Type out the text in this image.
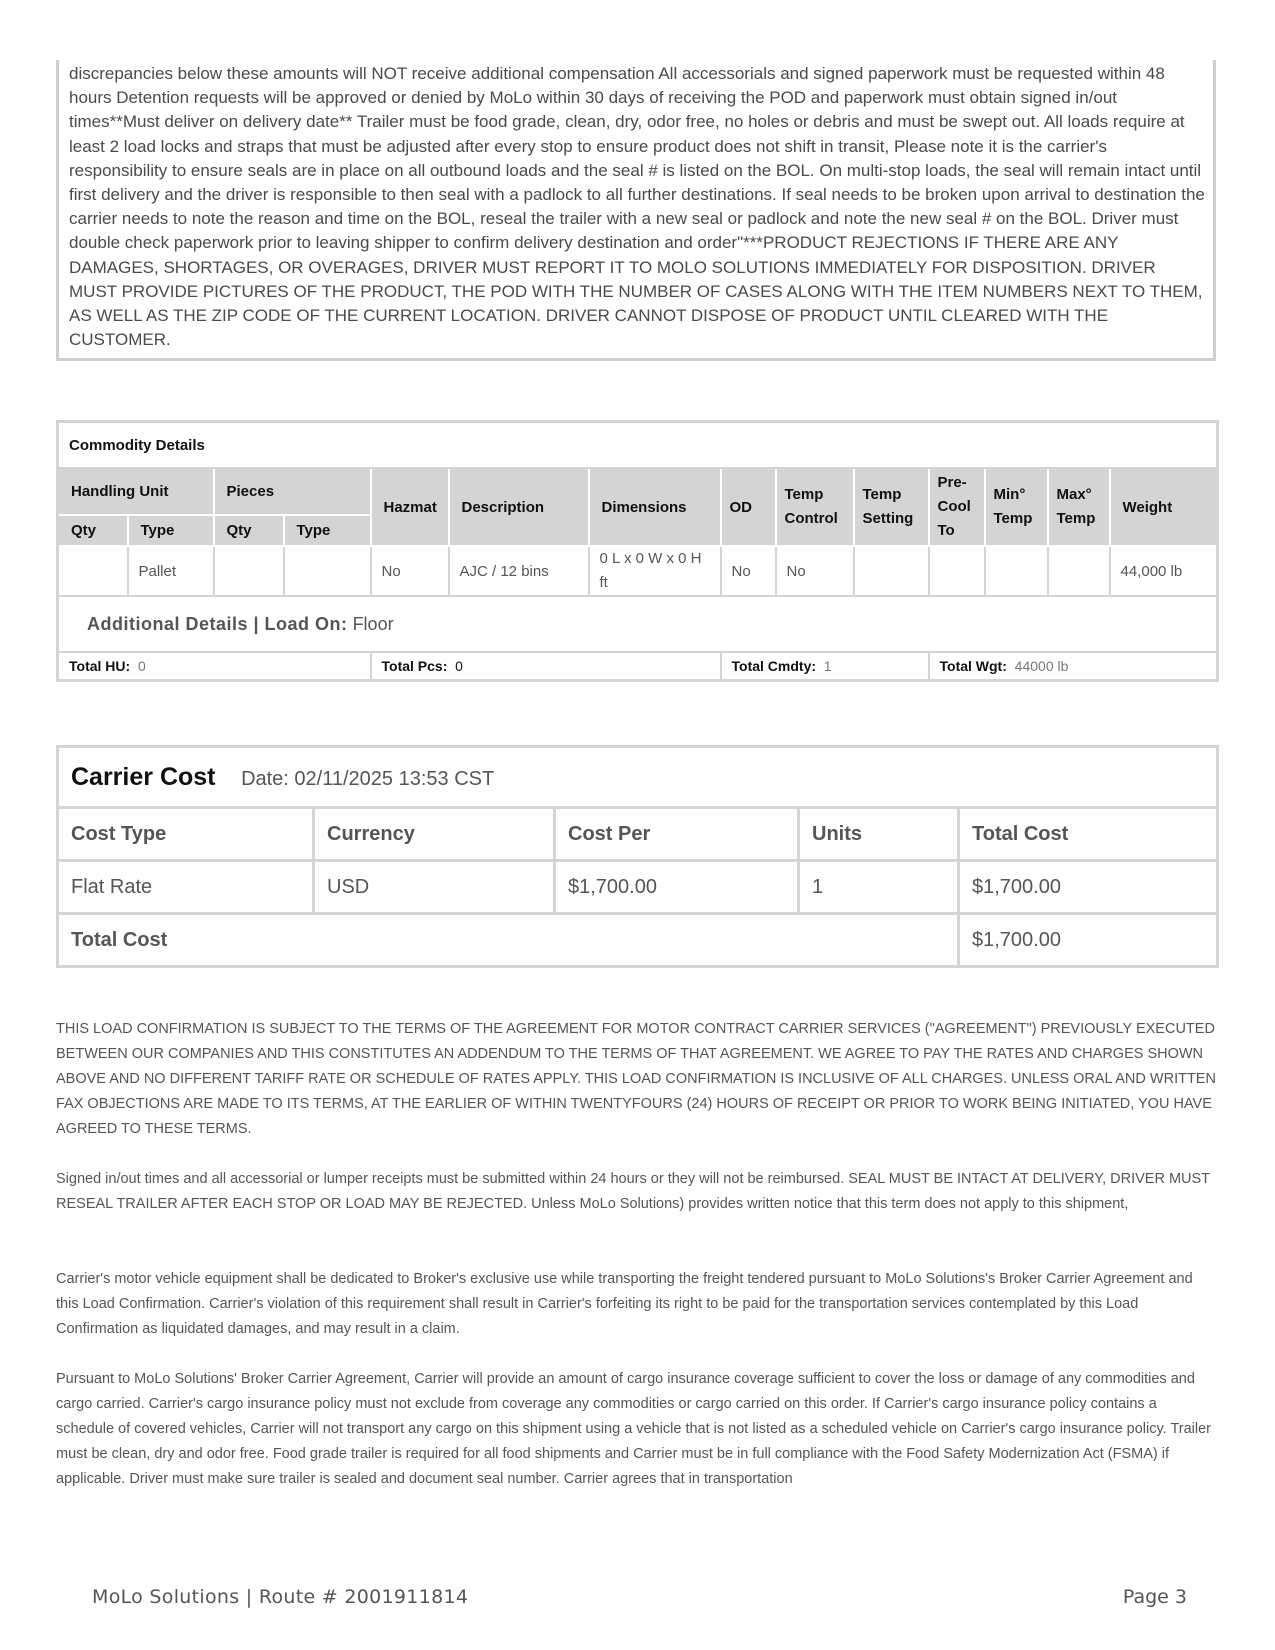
discrepancies below these amounts will NOT receive additional compensation All accessorials and signed paperwork must be requested within 48 hours Detention requests will be approved or denied by MoLo within 30 days of receiving the POD and paperwork must obtain signed in/out times**Must deliver on delivery date** Trailer must be food grade, clean, dry, odor free, no holes or debris and must be swept out. All loads require at least 2 load locks and straps that must be adjusted after every stop to ensure product does not shift in transit, Please note it is the carrier's responsibility to ensure seals are in place on all outbound loads and the seal # is listed on the BOL. On multi-stop loads, the seal will remain intact until first delivery and the driver is responsible to then seal with a padlock to all further destinations. If seal needs to be broken upon arrival to destination the carrier needs to note the reason and time on the BOL, reseal the trailer with a new seal or padlock and note the new seal # on the BOL. Driver must double check paperwork prior to leaving shipper to confirm delivery destination and order"***PRODUCT REJECTIONS IF THERE ARE ANY DAMAGES, SHORTAGES, OR OVERAGES, DRIVER MUST REPORT IT TO MOLO SOLUTIONS IMMEDIATELY FOR DISPOSITION. DRIVER MUST PROVIDE PICTURES OF THE PRODUCT, THE POD WITH THE NUMBER OF CASES ALONG WITH THE ITEM NUMBERS NEXT TO THEM, AS WELL AS THE ZIP CODE OF THE CURRENT LOCATION. DRIVER CANNOT DISPOSE OF PRODUCT UNTIL CLEARED WITH THE CUSTOMER.
Commodity Details													
Handling Unit		Pieces		Hazmat	Description	Dimensions	OD	Temp Control	Temp Setting	Pre-Cool To	Min° Temp	Max° Temp	Weight
Qty	Type	Qty	Type										
	Pallet			No	AJC / 12 bins	0 L x 0 W x 0 H ft	No	No					44,000 lb
Additional Details | Load On: Floor													
Total HU: 0				Total Pcs: 0			Total Cmdty: 1			Total Wgt: 44000 lb			
Carrier Cost Date: 02/11/2025 13:53 CST				
Cost Type	Currency	Cost Per	Units	Total Cost
Flat Rate	USD	$1,700.00	1	$1,700.00
Total Cost				$1,700.00
THIS LOAD CONFIRMATION IS SUBJECT TO THE TERMS OF THE AGREEMENT FOR MOTOR CONTRACT CARRIER SERVICES ("AGREEMENT") PREVIOUSLY EXECUTED BETWEEN OUR COMPANIES AND THIS CONSTITUTES AN ADDENDUM TO THE TERMS OF THAT AGREEMENT. WE AGREE TO PAY THE RATES AND CHARGES SHOWN ABOVE AND NO DIFFERENT TARIFF RATE OR SCHEDULE OF RATES APPLY. THIS LOAD CONFIRMATION IS INCLUSIVE OF ALL CHARGES. UNLESS ORAL AND WRITTEN FAX OBJECTIONS ARE MADE TO ITS TERMS, AT THE EARLIER OF WITHIN TWENTYFOURS (24) HOURS OF RECEIPT OR PRIOR TO WORK BEING INITIATED, YOU HAVE AGREED TO THESE TERMS.
Signed in/out times and all accessorial or lumper receipts must be submitted within 24 hours or they will not be reimbursed. SEAL MUST BE INTACT AT DELIVERY, DRIVER MUST RESEAL TRAILER AFTER EACH STOP OR LOAD MAY BE REJECTED. Unless MoLo Solutions) provides written notice that this term does not apply to this shipment,
Carrier's motor vehicle equipment shall be dedicated to Broker's exclusive use while transporting the freight tendered pursuant to MoLo Solutions's Broker Carrier Agreement and this Load Confirmation. Carrier's violation of this requirement shall result in Carrier's forfeiting its right to be paid for the transportation services contemplated by this Load Confirmation as liquidated damages, and may result in a claim.
Pursuant to MoLo Solutions' Broker Carrier Agreement, Carrier will provide an amount of cargo insurance coverage sufficient to cover the loss or damage of any commodities and cargo carried. Carrier's cargo insurance policy must not exclude from coverage any commodities or cargo carried on this order. If Carrier's cargo insurance policy contains a schedule of covered vehicles, Carrier will not transport any cargo on this shipment using a vehicle that is not listed as a scheduled vehicle on Carrier's cargo insurance policy. Trailer must be clean, dry and odor free. Food grade trailer is required for all food shipments and Carrier must be in full compliance with the Food Safety Modernization Act (FSMA) if applicable. Driver must make sure trailer is sealed and document seal number. Carrier agrees that in transportation
MoLo Solutions | Route # 2001911814	Page 3
